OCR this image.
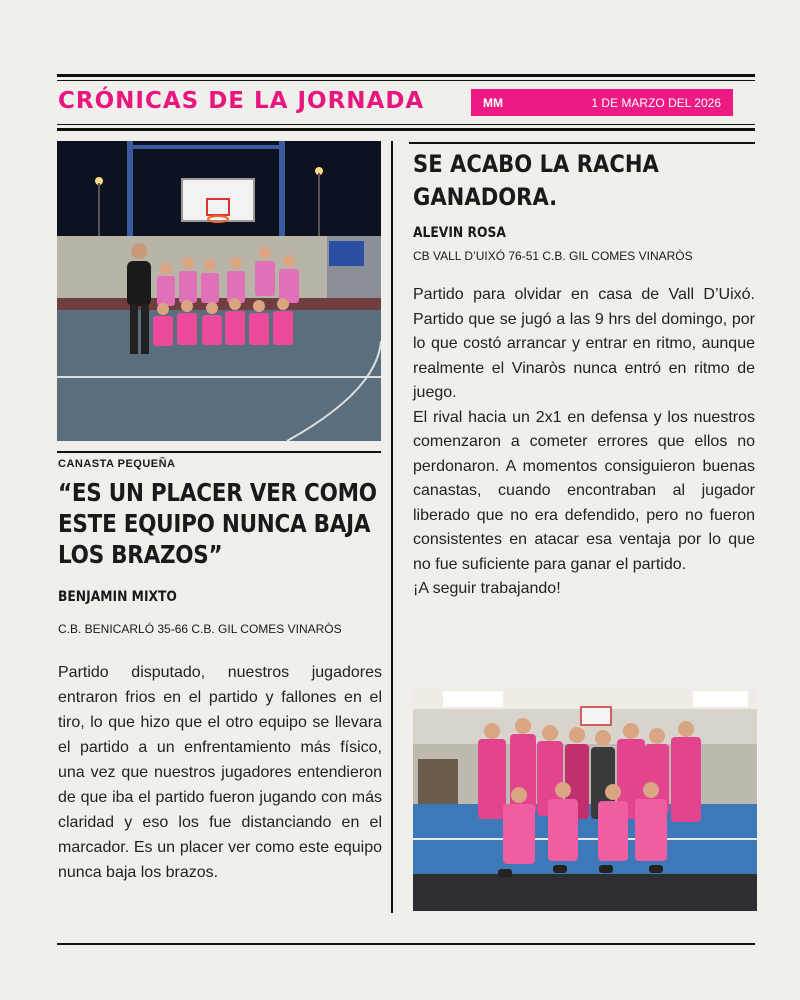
CRÓNICAS DE LA JORNADA	MM	1 DE MARZO DEL 2026
CANASTA PEQUEÑA
“ES UN PLACER VER COMO ESTE EQUIPO NUNCA BAJA LOS BRAZOS”
BENJAMIN MIXTO
C.B. BENICARLÓ 35-66 C.B. GIL COMES VINARÒS
Partido disputado, nuestros jugadores entraron frios en el partido y fallones en el tiro, lo que hizo que el otro equipo se llevara el partido a un enfrentamiento más físico, una vez que nuestros jugadores entendieron de que iba el partido fueron jugando con más claridad y eso los fue distanciando en el marcador. Es un placer ver como este equipo nunca baja los brazos.
SE ACABO LA RACHA GANADORA.
ALEVIN ROSA
CB VALL D’UIXÓ 76-51 C.B. GIL COMES VINARÒS

Partido para olvidar en casa de Vall D’Uixó. Partido que se jugó a las 9 hrs del domingo, por lo que costó arrancar y entrar en ritmo, aunque realmente el Vinaròs nunca entró en ritmo de juego.

El rival hacia un 2x1 en defensa y los nuestros comenzaron a cometer errores que ellos no perdonaron. A momentos consiguieron buenas canastas, cuando encontraban al jugador liberado que no era defendido, pero no fueron consistentes en atacar esa ventaja por lo que no fue suficiente para ganar el partido.

¡A seguir trabajando!
